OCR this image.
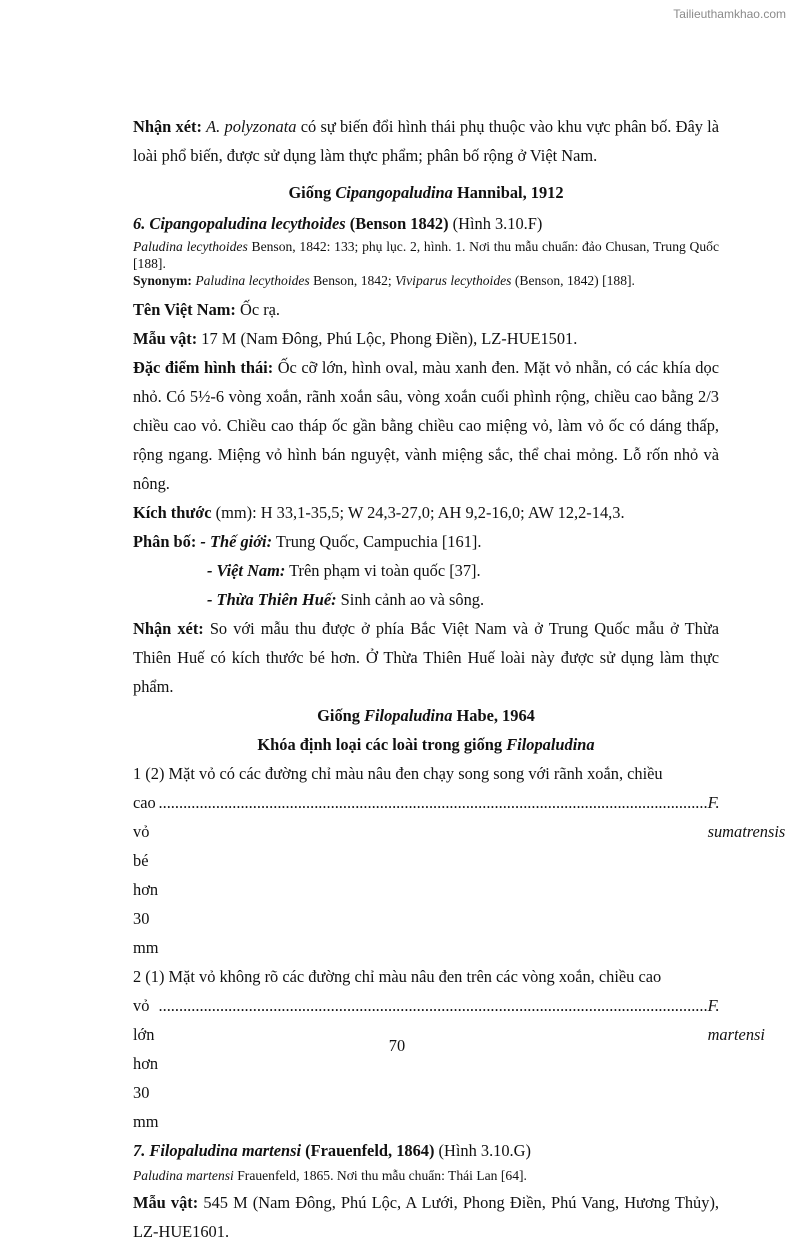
Tailieuthamkhao.com

Nhận xét: A. polyzonata có sự biến đổi hình thái phụ thuộc vào khu vực phân bố. Đây là loài phổ biến, được sử dụng làm thực phẩm; phân bố rộng ở Việt Nam.

Giống Cipangopaludina Hannibal, 1912

6. Cipangopaludina lecythoides (Benson 1842) (Hình 3.10.F)

Paludina lecythoides Benson, 1842: 133; phụ lục. 2, hình. 1. Nơi thu mẫu chuẩn: đảo Chusan, Trung Quốc [188].

Synonym: Paludina lecythoides Benson, 1842; Viviparus lecythoides (Benson, 1842) [188].

Tên Việt Nam: Ốc rạ.

Mẫu vật: 17 M (Nam Đông, Phú Lộc, Phong Điền), LZ-HUE1501.

Đặc điểm hình thái: Ốc cỡ lớn, hình oval, màu xanh đen. Mặt vỏ nhẵn, có các khía dọc nhỏ. Có 5½-6 vòng xoắn, rãnh xoắn sâu, vòng xoắn cuối phình rộng, chiều cao bằng 2/3 chiều cao vỏ. Chiều cao tháp ốc gần bằng chiều cao miệng vỏ, làm vỏ ốc có dáng thấp, rộng ngang. Miệng vỏ hình bán nguyệt, vành miệng sắc, thể chai mỏng. Lỗ rốn nhỏ và nông.

Kích thước (mm): H 33,1-35,5; W 24,3-27,0; AH 9,2-16,0; AW 12,2-14,3.

Phân bố: - Thế giới: Trung Quốc, Campuchia [161].

- Việt Nam: Trên phạm vi toàn quốc [37].

- Thừa Thiên Huế: Sinh cảnh ao và sông.

Nhận xét: So với mẫu thu được ở phía Bắc Việt Nam và ở Trung Quốc mẫu ở Thừa Thiên Huế có kích thước bé hơn. Ở Thừa Thiên Huế loài này được sử dụng làm thực phẩm.

Giống Filopaludina Habe, 1964

Khóa định loại các loài trong giống Filopaludina

1 (2) Mặt vỏ có các đường chỉ màu nâu đen chạy song song với rãnh xoắn, chiều

cao vỏ bé hơn 30 mm
...................................................................................................................................... F. sumatrensis

2 (1) Mặt vỏ không rõ các đường chỉ màu nâu đen trên các vòng xoắn, chiều cao

vỏ lớn hơn 30 mm
...................................................................................................................................... F. martensi

7. Filopaludina martensi (Frauenfeld, 1864) (Hình 3.10.G)

Paludina martensi Frauenfeld, 1865. Nơi thu mẫu chuẩn: Thái Lan [64].

Mẫu vật: 545 M (Nam Đông, Phú Lộc, A Lưới, Phong Điền, Phú Vang, Hương Thủy), LZ-HUE1601.

70
